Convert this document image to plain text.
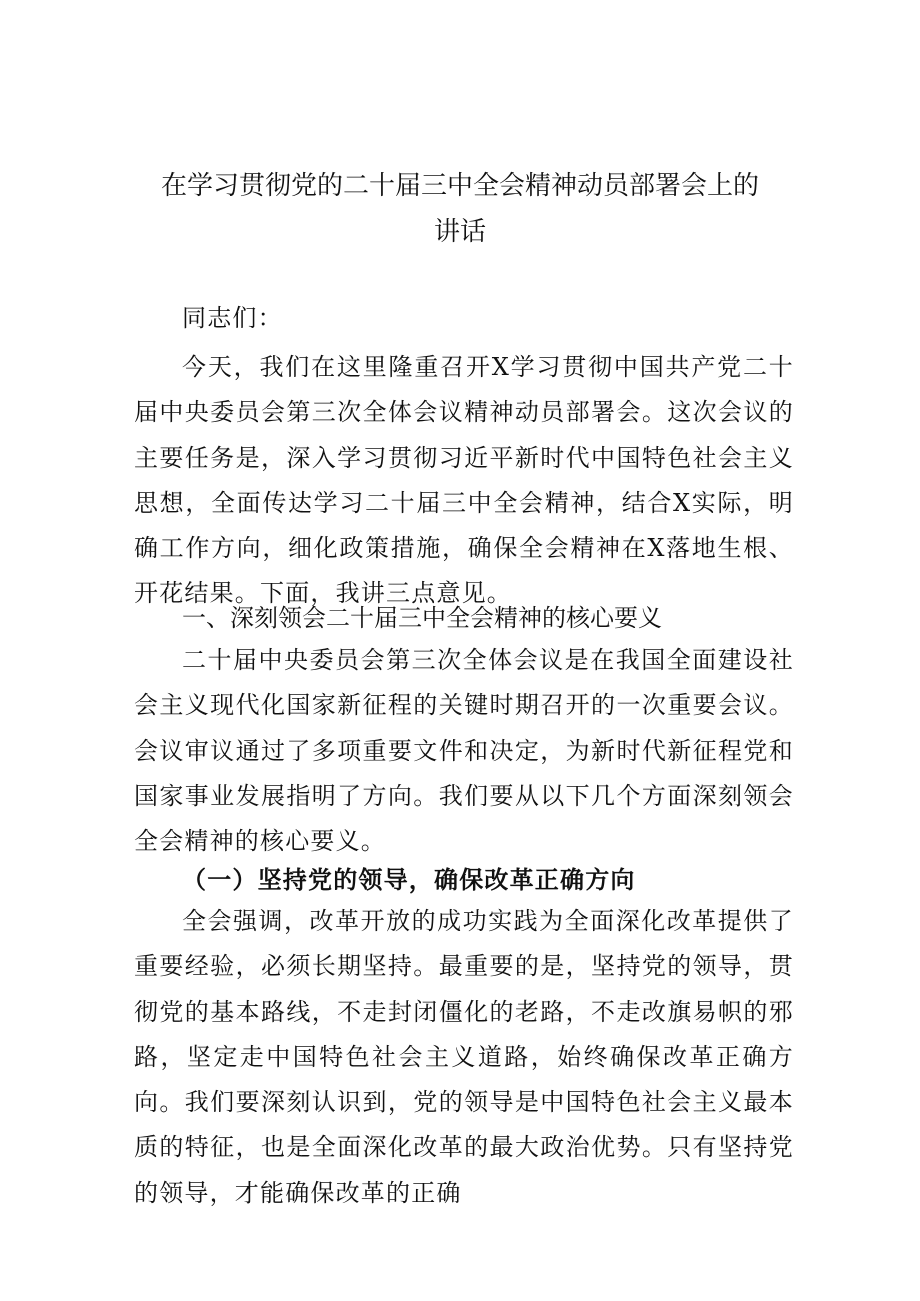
在学习贯彻党的二十届三中全会精神动员部署会上的
讲话

同志们：

今天，我们在这里隆重召开X学习贯彻中国共产党二十届中央委员会第三次全体会议精神动员部署会。这次会议的主要任务是，深入学习贯彻习近平新时代中国特色社会主义思想，全面传达学习二十届三中全会精神，结合X实际，明确工作方向，细化政策措施，确保全会精神在X落地生根、开花结果。下面，我讲三点意见。

一、深刻领会二十届三中全会精神的核心要义

二十届中央委员会第三次全体会议是在我国全面建设社会主义现代化国家新征程的关键时期召开的一次重要会议。会议审议通过了多项重要文件和决定，为新时代新征程党和国家事业发展指明了方向。我们要从以下几个方面深刻领会全会精神的核心要义。

（一）坚持党的领导，确保改革正确方向

全会强调，改革开放的成功实践为全面深化改革提供了重要经验，必须长期坚持。最重要的是，坚持党的领导，贯彻党的基本路线，不走封闭僵化的老路，不走改旗易帜的邪路，坚定走中国特色社会主义道路，始终确保改革正确方向。我们要深刻认识到，党的领导是中国特色社会主义最本质的特征，也是全面深化改革的最大政治优势。只有坚持党的领导，才能确保改革的正确
